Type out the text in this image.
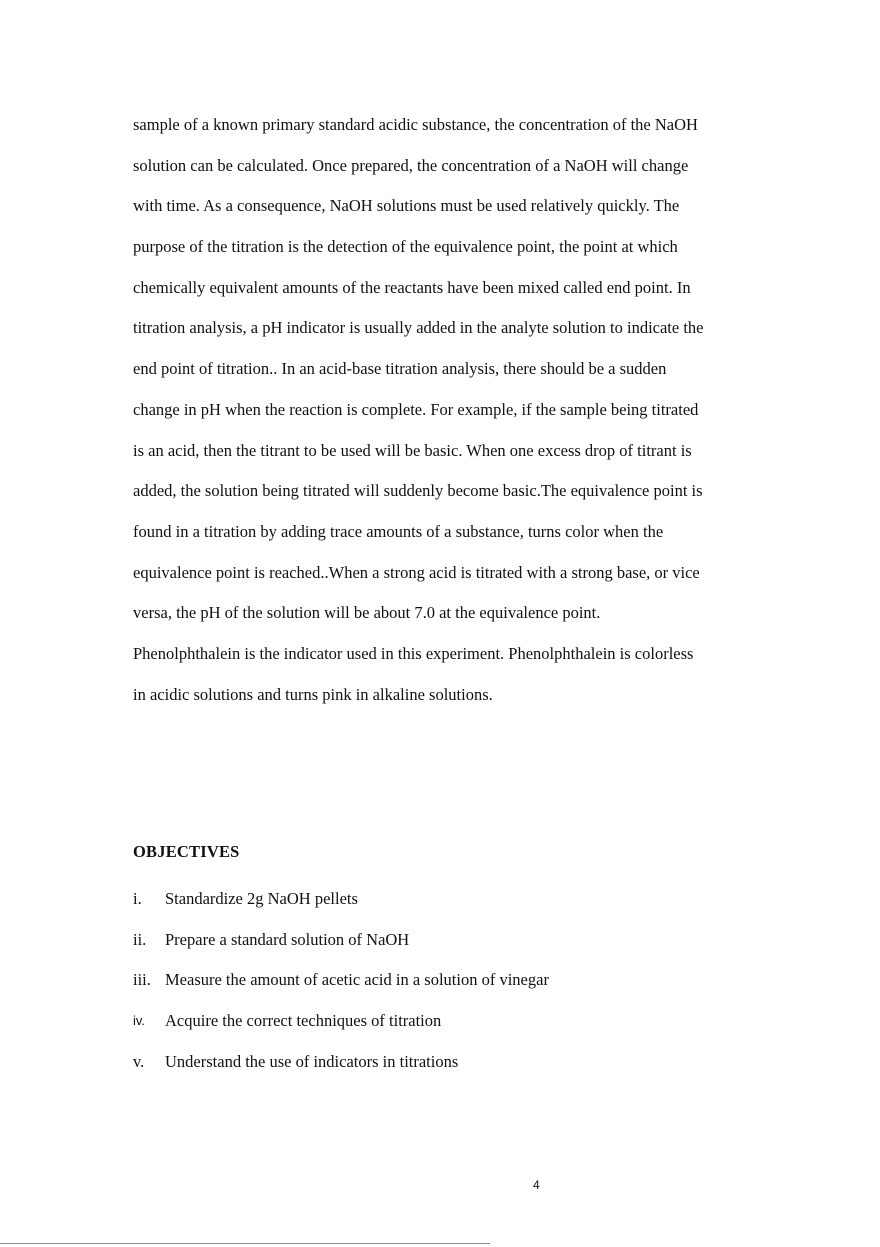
sample of a known primary standard acidic substance, the concentration of the NaOH
solution can be calculated. Once prepared, the concentration of a NaOH will change
with time. As a consequence, NaOH solutions must be used relatively quickly. The
purpose of the titration is the detection of the equivalence point, the point at which
chemically equivalent amounts of the reactants have been mixed called end point. In
titration analysis, a pH indicator is usually added in the analyte solution to indicate the
end point of titration.. In an acid-base titration analysis, there should be a sudden
change in pH when the reaction is complete. For example, if the sample being titrated
is an acid, then the titrant to be used will be basic. When one excess drop of titrant is
added, the solution being titrated will suddenly become basic.The equivalence point is
found in a titration by adding trace amounts of a substance, turns color when the
equivalence point is reached..When a strong acid is titrated with a strong base, or vice
versa, the pH of the solution will be about 7.0 at the equivalence point.
Phenolphthalein is the indicator used in this experiment. Phenolphthalein is colorless
in acidic solutions and turns pink in alkaline solutions.
OBJECTIVES
i. Standardize 2g NaOH pellets
ii. Prepare a standard solution of NaOH
iii. Measure the amount of acetic acid in a solution of vinegar
iv. Acquire the correct techniques of titration
v. Understand the use of indicators in titrations
4
